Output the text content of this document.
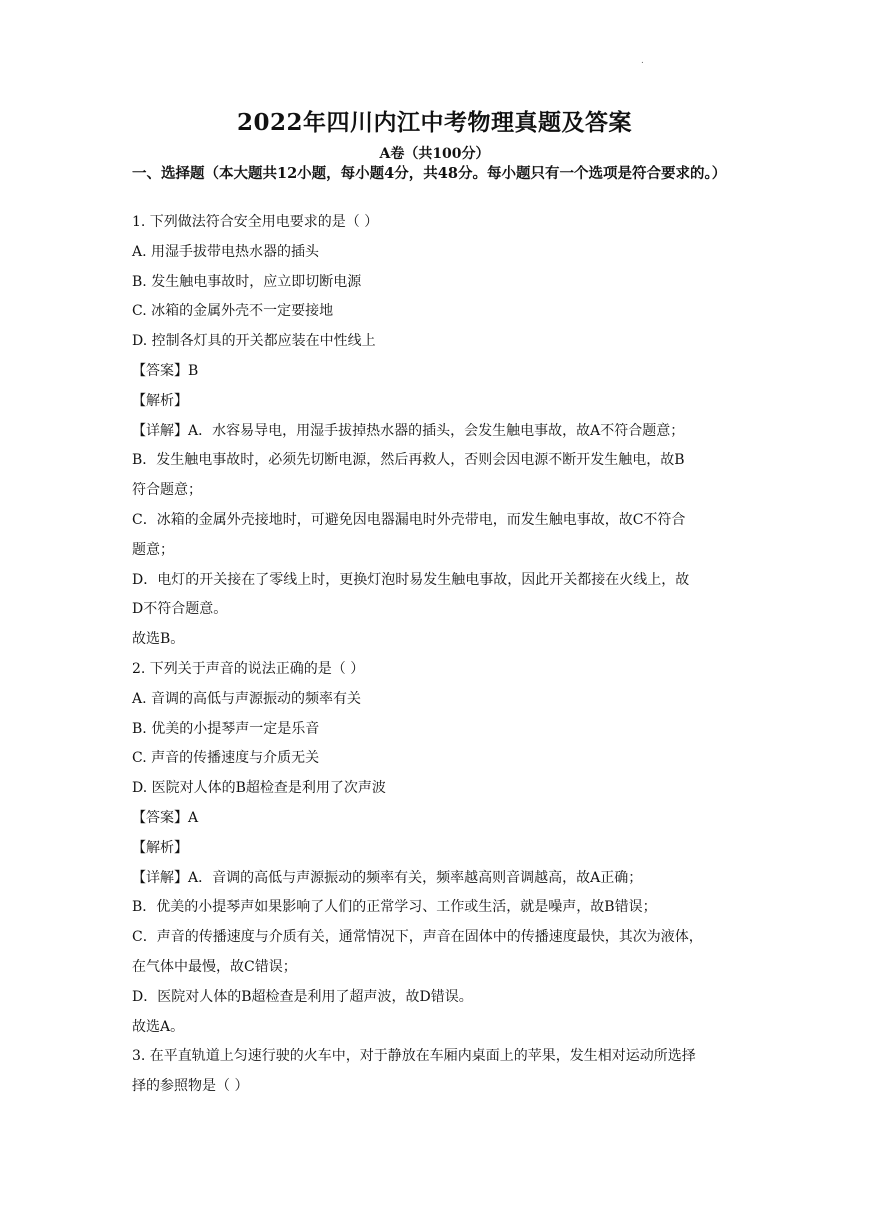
.
2022年四川内江中考物理真题及答案
A卷（共100分）
一、选择题（本大题共12小题，每小题4分，共48分。每小题只有一个选项是符合要求的。）
1. 下列做法符合安全用电要求的是（ ）
A. 用湿手拔带电热水器的插头
B. 发生触电事故时，应立即切断电源
C. 冰箱的金属外壳不一定要接地
D. 控制各灯具的开关都应装在中性线上
【答案】B
【解析】
【详解】A．水容易导电，用湿手拔掉热水器的插头，会发生触电事故，故A不符合题意；
B．发生触电事故时，必须先切断电源，然后再救人，否则会因电源不断开发生触电，故B
符合题意；
C．冰箱的金属外壳接地时，可避免因电器漏电时外壳带电，而发生触电事故，故C不符合
题意；
D．电灯的开关接在了零线上时，更换灯泡时易发生触电事故，因此开关都接在火线上，故
D不符合题意。
故选B。
2. 下列关于声音的说法正确的是（ ）
A. 音调的高低与声源振动的频率有关
B. 优美的小提琴声一定是乐音
C. 声音的传播速度与介质无关
D. 医院对人体的B超检查是利用了次声波
【答案】A
【解析】
【详解】A．音调的高低与声源振动的频率有关，频率越高则音调越高，故A正确；
B．优美的小提琴声如果影响了人们的正常学习、工作或生活，就是噪声，故B错误；
C．声音的传播速度与介质有关，通常情况下，声音在固体中的传播速度最快，其次为液体，
在气体中最慢，故C错误；
D．医院对人体的B超检查是利用了超声波，故D错误。
故选A。
3. 在平直轨道上匀速行驶的火车中，对于静放在车厢内桌面上的苹果，发生相对运动所选择
择的参照物是（ ）
